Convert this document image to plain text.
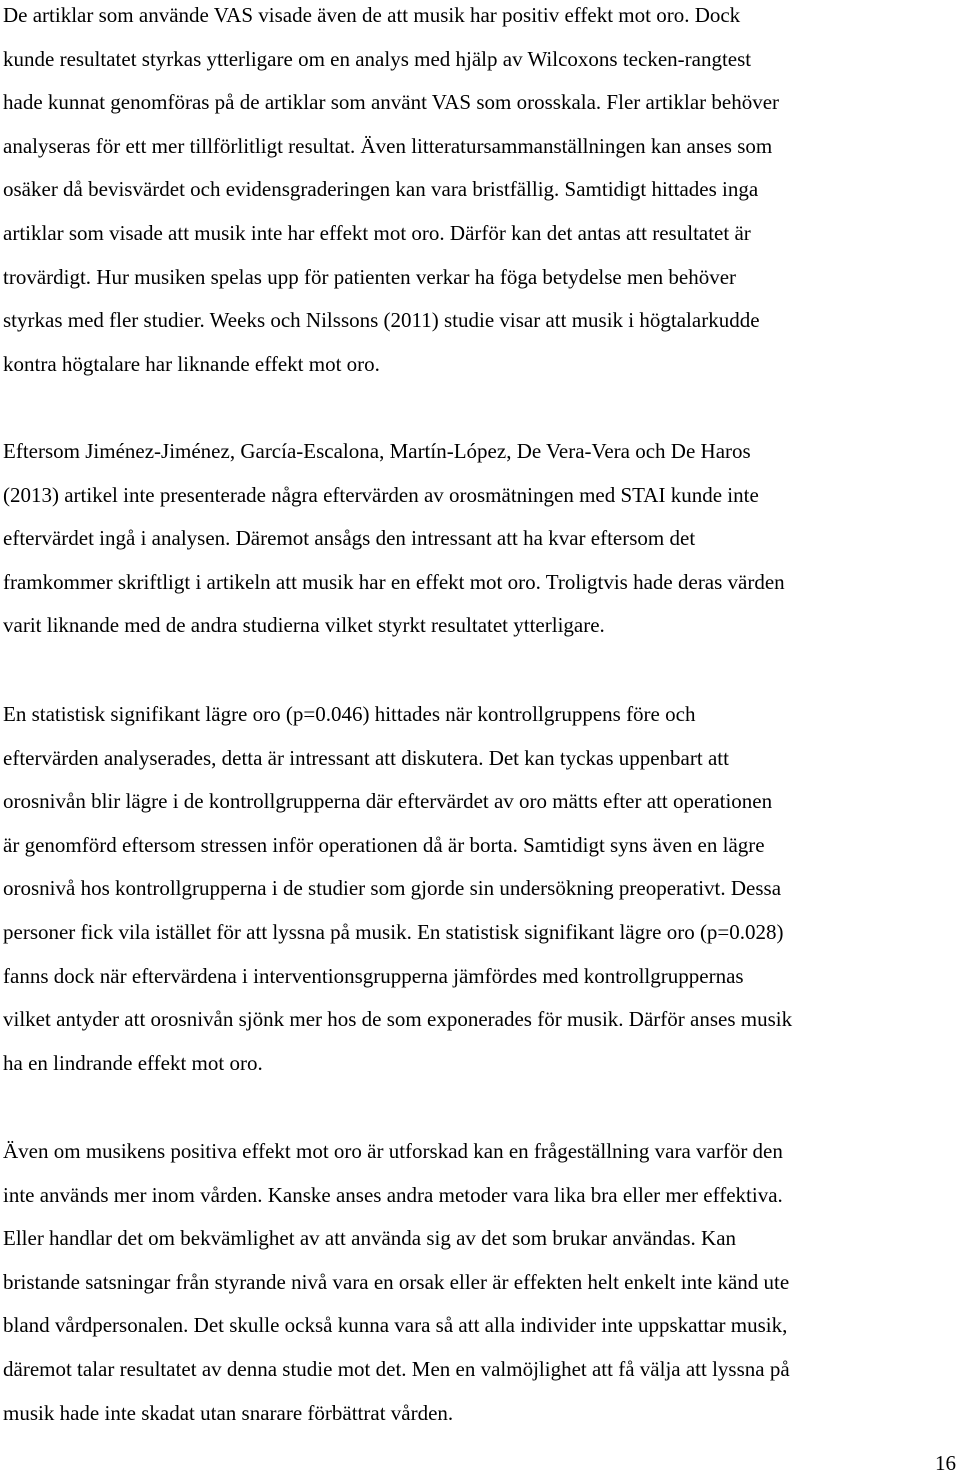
De artiklar som använde VAS visade även de att musik har positiv effekt mot oro. Dock
kunde resultatet styrkas ytterligare om en analys med hjälp av Wilcoxons tecken-rangtest
hade kunnat genomföras på de artiklar som använt VAS som orosskala. Fler artiklar behöver
analyseras för ett mer tillförlitligt resultat. Även litteratursammanställningen kan anses som
osäker då bevisvärdet och evidensgraderingen kan vara bristfällig. Samtidigt hittades inga
artiklar som visade att musik inte har effekt mot oro. Därför kan det antas att resultatet är
trovärdigt. Hur musiken spelas upp för patienten verkar ha föga betydelse men behöver
styrkas med fler studier. Weeks och Nilssons (2011) studie visar att musik i högtalarkudde
kontra högtalare har liknande effekt mot oro.

Eftersom Jiménez-Jiménez, García-Escalona, Martín-López, De Vera-Vera och De Haros
(2013) artikel inte presenterade några eftervärden av orosmätningen med STAI kunde inte
eftervärdet ingå i analysen. Däremot ansågs den intressant att ha kvar eftersom det
framkommer skriftligt i artikeln att musik har en effekt mot oro. Troligtvis hade deras värden
varit liknande med de andra studierna vilket styrkt resultatet ytterligare.

En statistisk signifikant lägre oro (p=0.046) hittades när kontrollgruppens före och
eftervärden analyserades, detta är intressant att diskutera. Det kan tyckas uppenbart att
orosnivån blir lägre i de kontrollgrupperna där eftervärdet av oro mätts efter att operationen
är genomförd eftersom stressen inför operationen då är borta. Samtidigt syns även en lägre
orosnivå hos kontrollgrupperna i de studier som gjorde sin undersökning preoperativt. Dessa
personer fick vila istället för att lyssna på musik. En statistisk signifikant lägre oro (p=0.028)
fanns dock när eftervärdena i interventionsgrupperna jämfördes med kontrollgruppernas
vilket antyder att orosnivån sjönk mer hos de som exponerades för musik. Därför anses musik
ha en lindrande effekt mot oro.

Även om musikens positiva effekt mot oro är utforskad kan en frågeställning vara varför den
inte används mer inom vården. Kanske anses andra metoder vara lika bra eller mer effektiva.
Eller handlar det om bekvämlighet av att använda sig av det som brukar användas. Kan
bristande satsningar från styrande nivå vara en orsak eller är effekten helt enkelt inte känd ute
bland vårdpersonalen. Det skulle också kunna vara så att alla individer inte uppskattar musik,
däremot talar resultatet av denna studie mot det. Men en valmöjlighet att få välja att lyssna på
musik hade inte skadat utan snarare förbättrat vården.

16
